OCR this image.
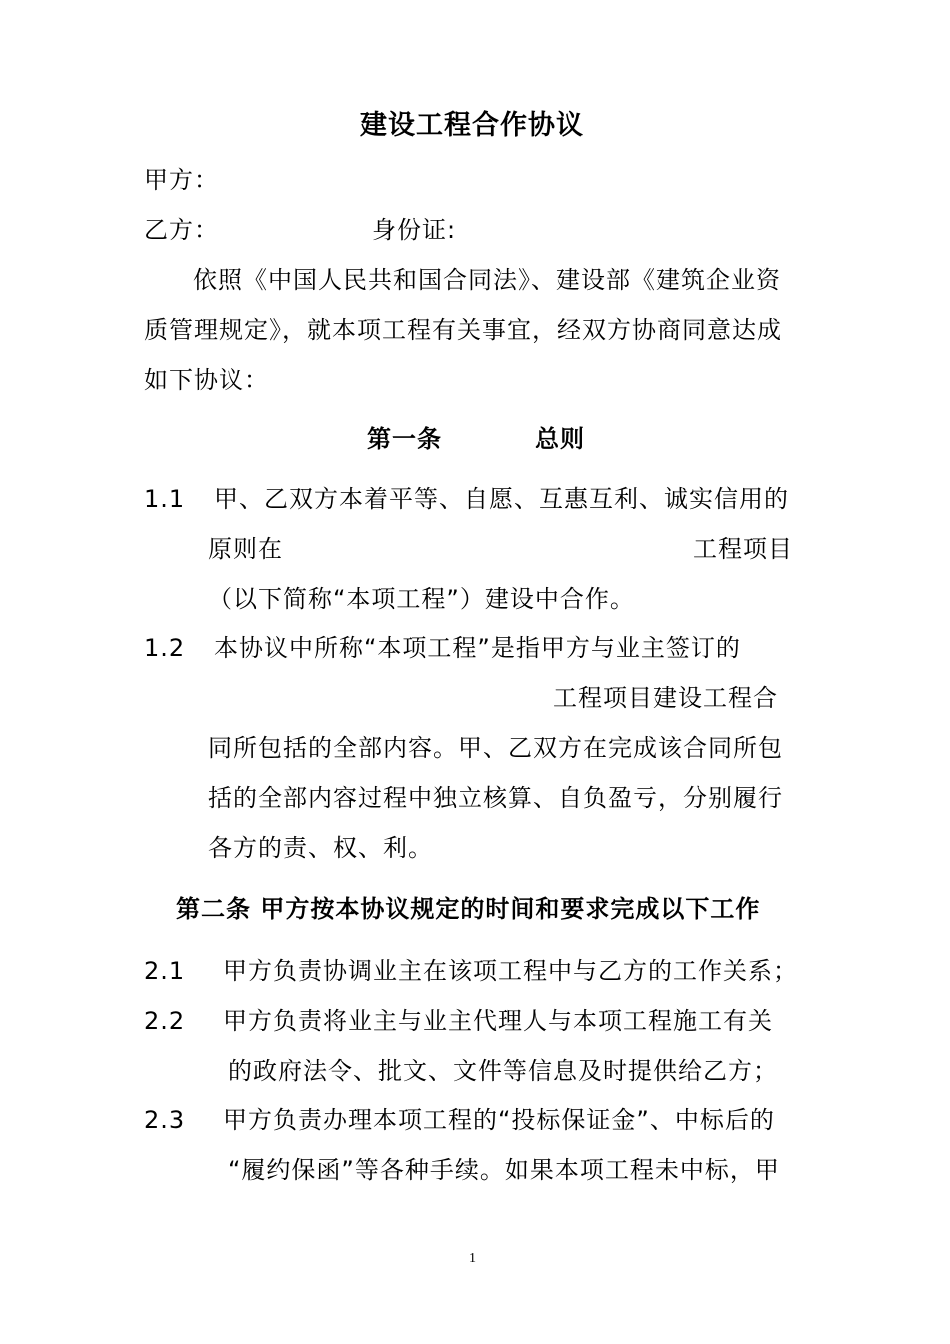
建设工程合作协议
甲方：
乙方：	身份证:
依照《中国人民共和国合同法》、建设部《建筑企业资
质管理规定》，就本项工程有关事宜，经双方协商同意达成
如下协议：
第一条	总则
1.1 甲、乙双方本着平等、自愿、互惠互利、诚实信用的
原则在	工程项目
（以下简称“本项工程”）建设中合作。
1.2 本协议中所称“本项工程”是指甲方与业主签订的
工程项目建设工程合
同所包括的全部内容。甲、乙双方在完成该合同所包
括的全部内容过程中独立核算、自负盈亏，分别履行
各方的责、权、利。
第二条 甲方按本协议规定的时间和要求完成以下工作
2.1 甲方负责协调业主在该项工程中与乙方的工作关系；
2.2 甲方负责将业主与业主代理人与本项工程施工有关
的政府法令、批文、文件等信息及时提供给乙方；
2.3 甲方负责办理本项工程的“投标保证金”、中标后的
“履约保函”等各种手续。如果本项工程未中标，甲
1
